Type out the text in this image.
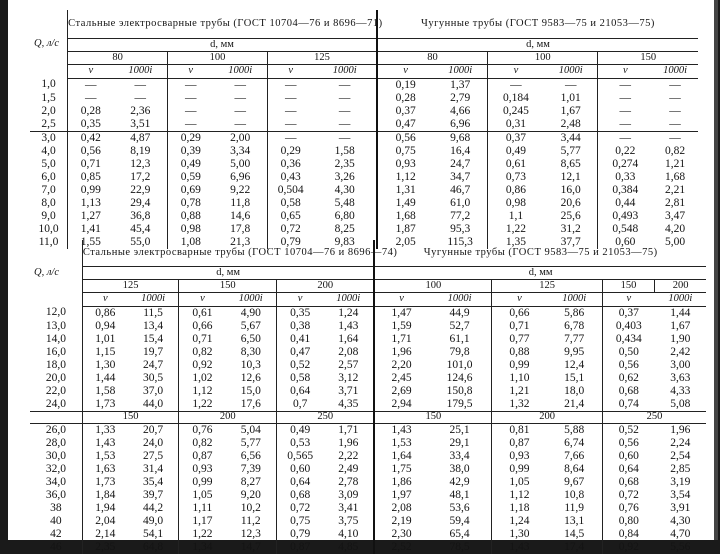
Q, л/с	Стальные электросварные трубы (ГОСТ 10704—76 и 8696—71)						Чугунные трубы (ГОСТ 9583—75 и 21053—75)					
	d, мм						d, мм					
	80		100		125		80		100		150	
	v	1000i	v	1000i	v	1000i	v	1000i	v	1000i	v	1000i
1,0	—	—	—	—	—	—	0,19	1,37	—	—	—	—
1,5	—	—	—	—	—	—	0,28	2,79	0,184	1,01	—	—
2,0	0,28	2,36	—	—	—	—	0,37	4,66	0,245	1,67	—	—
2,5	0,35	3,51	—	—	—	—	0,47	6,96	0,31	2,48	—	—
3,0	0,42	4,87	0,29	2,00	—	—	0,56	9,68	0,37	3,44	—	—
4,0	0,56	8,19	0,39	3,34	0,29	1,58	0,75	16,4	0,49	5,77	0,22	0,82
5,0	0,71	12,3	0,49	5,00	0,36	2,35	0,93	24,7	0,61	8,65	0,274	1,21
6,0	0,85	17,2	0,59	6,96	0,43	3,26	1,12	34,7	0,73	12,1	0,33	1,68
7,0	0,99	22,9	0,69	9,22	0,504	4,30	1,31	46,7	0,86	16,0	0,384	2,21
8,0	1,13	29,4	0,78	11,8	0,58	5,48	1,49	61,0	0,98	20,6	0,44	2,81
9,0	1,27	36,8	0,88	14,6	0,65	6,80	1,68	77,2	1,1	25,6	0,493	3,47
10,0	1,41	45,4	0,98	17,8	0,72	8,25	1,87	95,3	1,22	31,2	0,548	4,20
11,0	1,55	55,0	1,08	21,3	0,79	9,83	2,05	115,3	1,35	37,7	0,60	5,00
Q, л/с	Стальные электросварные трубы (ГОСТ 10704—76 и 8696—74)						Чугунные трубы (ГОСТ 9583—75 и 21053—75)					
	d, мм						d, мм					
	125		150		200		100		125		150	200
	v	1000i	v	1000i	v	1000i	v	1000i	v	1000i	v	1000i
12,0	0,86	11,5	0,61	4,90	0,35	1,24	1,47	44,9	0,66	5,86	0,37	1,44
13,0	0,94	13,4	0,66	5,67	0,38	1,43	1,59	52,7	0,71	6,78	0,403	1,67
14,0	1,01	15,4	0,71	6,50	0,41	1,64	1,71	61,1	0,77	7,77	0,434	1,90
16,0	1,15	19,7	0,82	8,30	0,47	2,08	1,96	79,8	0,88	9,95	0,50	2,42
18,0	1,30	24,7	0,92	10,3	0,52	2,57	2,20	101,0	0,99	12,4	0,56	3,00
20,0	1,44	30,5	1,02	12,6	0,58	3,12	2,45	124,6	1,10	15,1	0,62	3,63
22,0	1,58	37,0	1,12	15,0	0,64	3,71	2,69	150,8	1,21	18,0	0,68	4,33
24,0	1,73	44,0	1,22	17,6	0,7	4,35	2,94	179,5	1,32	21,4	0,74	5,08
	150		200		250		150		200		250	
26,0	1,33	20,7	0,76	5,04	0,49	1,71	1,43	25,1	0,81	5,88	0,52	1,96
28,0	1,43	24,0	0,82	5,77	0,53	1,96	1,53	29,1	0,87	6,74	0,56	2,24
30,0	1,53	27,5	0,87	6,56	0,565	2,22	1,64	33,4	0,93	7,66	0,60	2,54
32,0	1,63	31,4	0,93	7,39	0,60	2,49	1,75	38,0	0,99	8,64	0,64	2,85
34,0	1,73	35,4	0,99	8,27	0,64	2,78	1,86	42,9	1,05	9,67	0,68	3,19
36,0	1,84	39,7	1,05	9,20	0,68	3,09	1,97	48,1	1,12	10,8	0,72	3,54
38	1,94	44,2	1,11	10,2	0,72	3,41	2,08	53,6	1,18	11,9	0,76	3,91
40	2,04	49,0	1,17	11,2	0,75	3,75	2,19	59,4	1,24	13,1	0,80	4,30
42	2,14	54,1	1,22	12,3	0,79	4,10	2,30	65,4	1,30	14,5	0,84	4,70
46	2,35	64,8	1,34	14,7	0,87	4,85	2,52	78,5	1,43	17,4	0,92	5,56
